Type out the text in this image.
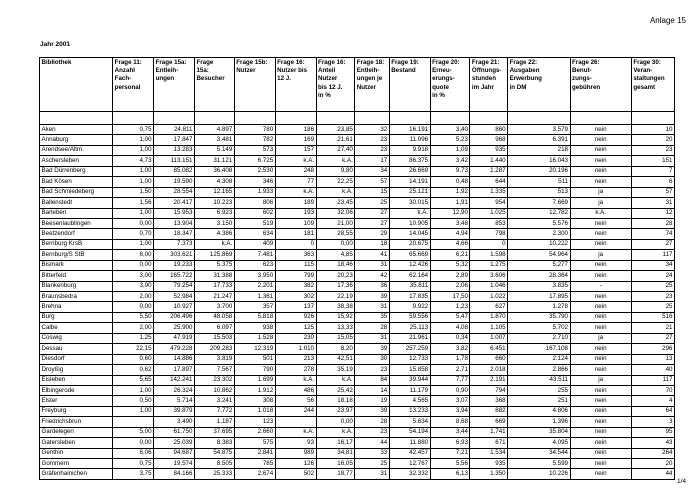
Anlage 15
Jahr 2001
Bibliothek	Frage 11:
Anzahl
Fach-
personal	Frage 15a:
Entleih-
ungen	Frage
15a:
Besucher	Frage 15b:
Nutzer	Frage 16:
Nutzer bis
12 J.	Frage 16:
Anteil
Nutzer
bis 12 J.
in %	Frage 18:
Entleih-
ungen je
Nutzer	Frage 19:
Bestand	Frage 20:
Erneu-
erungs-
quote
in %	Frage 21:
Öffnungs-
stunden
im Jahr	Frage 22:
Ausgaben
Erwerbung
in DM	Frage 26:
Benut-
zungs-
gebühren	Frage 30:
Veran-
staltungen
gesamt

Aken	0,75	24.811	4.897	780	186	23,85	32	16.191	3,40	860	3.579	nein	10
Annaburg	1,00	17.847	3.481	782	169	21,61	23	11.096	5,23	968	6.391	nein	20
Arendsee/Altm.	1,00	13.283	5.149	573	157	27,40	23	9.918	1,09	935	218	nein	23
Aschersleben	4,73	113.151	31.121	6.725	k.A.	k.A.	17	86.375	3,42	1.440	16.043	nein	151
Bad Dürrenberg	1,00	85.082	36.408	2.530	248	9,80	34	26.669	9,73	1.287	20.196	nein	7
Bad Kösen	1,00	19.590	4.308	346	77	22,25	57	14.191	0,48	644	511	nein	6
Bad Schmiedeberg	1,50	28.554	12.165	1.933	k.A.	k.A.	15	25.121	1,92	1.335	513	ja	57
Ballenstedt	1,56	20.417	10.223	806	189	23,45	25	30.015	1,91	954	7.669	ja	31
Barleben	1,00	15.953	6.923	602	193	32,06	27	k.A.	12,90	1.025	12.782	k.A.	12
Beesenlaublingen	0,00	13.904	3.150	519	109	21,00	27	10.905	3,48	853	5.576	nein	28
Beetzendorf	0,70	18.347	4.386	634	181	28,55	29	14.045	4,94	798	2.300	nein	74
Bernburg KrsB	1,00	7.373	k.A.	409	0	0,00	18	20.675	4,66	0	10.222	nein	27
Bernburg/S StB	6,00	303.621	125.869	7.481	363	4,85	41	65.669	6,21	1.598	54.964	ja	117
Bismark	0,00	19.233	5.375	623	115	18,46	31	12.426	5,32	1.275	5.277	nein	34
Bitterfeld	3,00	165.722	31.388	3.950	799	20,23	42	62.164	2,89	3.606	28.364	nein	24
Blankenburg	3,90	79.254	17.733	2.201	382	17,36	36	35.811	2,06	1.046	3.835	-	25
Braunsbedra	2,00	52.984	21.247	1.361	302	22,19	39	17.835	17,50	1.022	17.895	nein	23
Brehna	0,00	10.927	3.700	357	137	38,38	31	9.922	1,23	627	1.278	nein	25
Burg	5,50	206.496	48.058	5.818	926	15,92	35	59.556	5,47	1.870	35.790	nein	516
Calbe	2,00	25.900	6.097	938	125	13,33	28	25.113	4,08	1.105	5.702	nein	21
Coswig	1,25	47.919	15.503	1.528	230	15,05	31	21.961	0,34	1.007	2.710	ja	27
Dessau	22,15	479.228	209.283	12.319	1.010	8,20	39	257.259	3,82	6.451	167.108	nein	296
Diesdorf	0,60	14.886	3.819	501	213	42,51	30	12.733	1,78	660	2.124	nein	13
Droyßig	0,62	17.897	7.567	790	278	35,19	23	15.858	2,71	2.018	2.866	nein	40
Eisleben	5,65	142.241	23.302	1.699	k.A.	k.A.	84	39.944	7,77	2.191	43.511	ja	117
Elbingerode	1,00	26.324	10.862	1.912	486	25,42	14	11.179	0,90	794	255	nein	70
Elster	0,50	5.714	3.241	308	56	18,18	19	4.565	3,07	368	251	nein	4
Freyburg	1,00	39.879	7.772	1.018	244	23,97	39	13.233	3,94	882	4.806	nein	64
Friedrichsbrun		3.490	1.187	123		0,00	28	5.634	8,68	669	1.396	nein	3
Gardelegen	5,00	61.750	37.695	2.660	k.A.	k.A.	23	54.194	3,44	1.741	35.804	nein	95
Gatersleben	0,00	25.039	8.383	575	93	16,17	44	11.880	6,93	671	4.095	nein	43
Genthin	6,06	94.687	54.875	2.841	989	34,81	33	42.457	7,21	1.534	34.544	nein	264
Gommern	0,75	19.574	8.505	785	126	16,05	25	12.767	5,56	935	5.599	nein	20
Gräfenhainichen	3,75	84.166	25.333	2.674	502	18,77	31	32.332	6,13	1.350	10.226	nein	44
1/4
